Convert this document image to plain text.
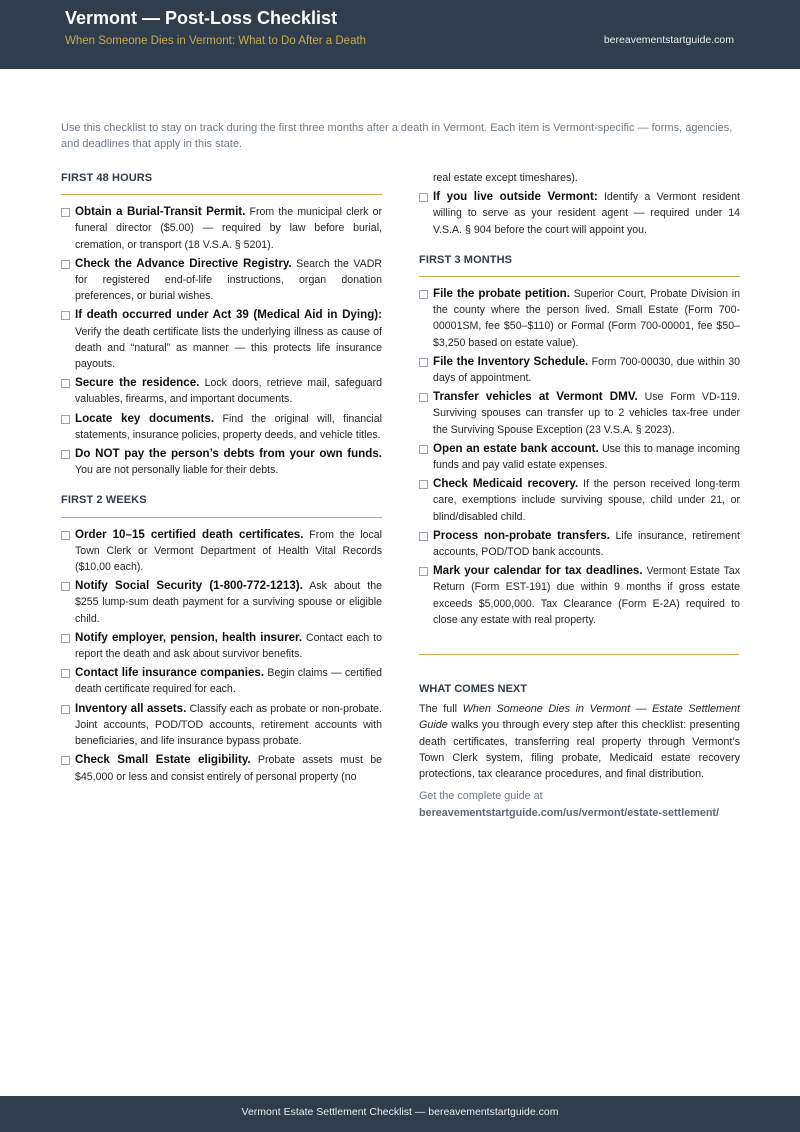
Vermont — Post-Loss Checklist
When Someone Dies in Vermont: What to Do After a Death	bereavementstartguide.com
Use this checklist to stay on track during the first three months after a death in Vermont. Each item is Vermont-specific — forms, agencies, and deadlines that apply in this state.
FIRST 48 HOURS
Obtain a Burial-Transit Permit. From the municipal clerk or funeral director ($5.00) — required by law before burial, cremation, or transport (18 V.S.A. § 5201).
Check the Advance Directive Registry. Search the VADR for registered end-of-life instructions, organ donation preferences, or burial wishes.
If death occurred under Act 39 (Medical Aid in Dying): Verify the death certificate lists the underlying illness as cause of death and “natural” as manner — this protects life insurance payouts.
Secure the residence. Lock doors, retrieve mail, safeguard valuables, firearms, and important documents.
Locate key documents. Find the original will, financial statements, insurance policies, property deeds, and vehicle titles.
Do NOT pay the person’s debts from your own funds. You are not personally liable for their debts.
FIRST 2 WEEKS
Order 10–15 certified death certificates. From the local Town Clerk or Vermont Department of Health Vital Records ($10.00 each).
Notify Social Security (1-800-772-1213). Ask about the $255 lump-sum death payment for a surviving spouse or eligible child.
Notify employer, pension, health insurer. Contact each to report the death and ask about survivor benefits.
Contact life insurance companies. Begin claims — certified death certificate required for each.
Inventory all assets. Classify each as probate or non-probate. Joint accounts, POD/TOD accounts, retirement accounts with beneficiaries, and life insurance bypass probate.
Check Small Estate eligibility. Probate assets must be $45,000 or less and consist entirely of personal property (no
real estate except timeshares).
If you live outside Vermont: Identify a Vermont resident willing to serve as your resident agent — required under 14 V.S.A. § 904 before the court will appoint you.
FIRST 3 MONTHS
File the probate petition. Superior Court, Probate Division in the county where the person lived. Small Estate (Form 700-00001SM, fee $50–$110) or Formal (Form 700-00001, fee $50–$3,250 based on estate value).
File the Inventory Schedule. Form 700-00030, due within 30 days of appointment.
Transfer vehicles at Vermont DMV. Use Form VD-119. Surviving spouses can transfer up to 2 vehicles tax-free under the Surviving Spouse Exception (23 V.S.A. § 2023).
Open an estate bank account. Use this to manage incoming funds and pay valid estate expenses.
Check Medicaid recovery. If the person received long-term care, exemptions include surviving spouse, child under 21, or blind/disabled child.
Process non-probate transfers. Life insurance, retirement accounts, POD/TOD bank accounts.
Mark your calendar for tax deadlines. Vermont Estate Tax Return (Form EST-191) due within 9 months if gross estate exceeds $5,000,000. Tax Clearance (Form E-2A) required to close any estate with real property.
WHAT COMES NEXT
The full When Someone Dies in Vermont — Estate Settlement Guide walks you through every step after this checklist: presenting death certificates, transferring real property through Vermont’s Town Clerk system, filing probate, Medicaid estate recovery protections, tax clearance procedures, and final distribution.
Get the complete guide at
bereavementstartguide.com/us/vermont/estate-settlement/
Vermont Estate Settlement Checklist — bereavementstartguide.com
